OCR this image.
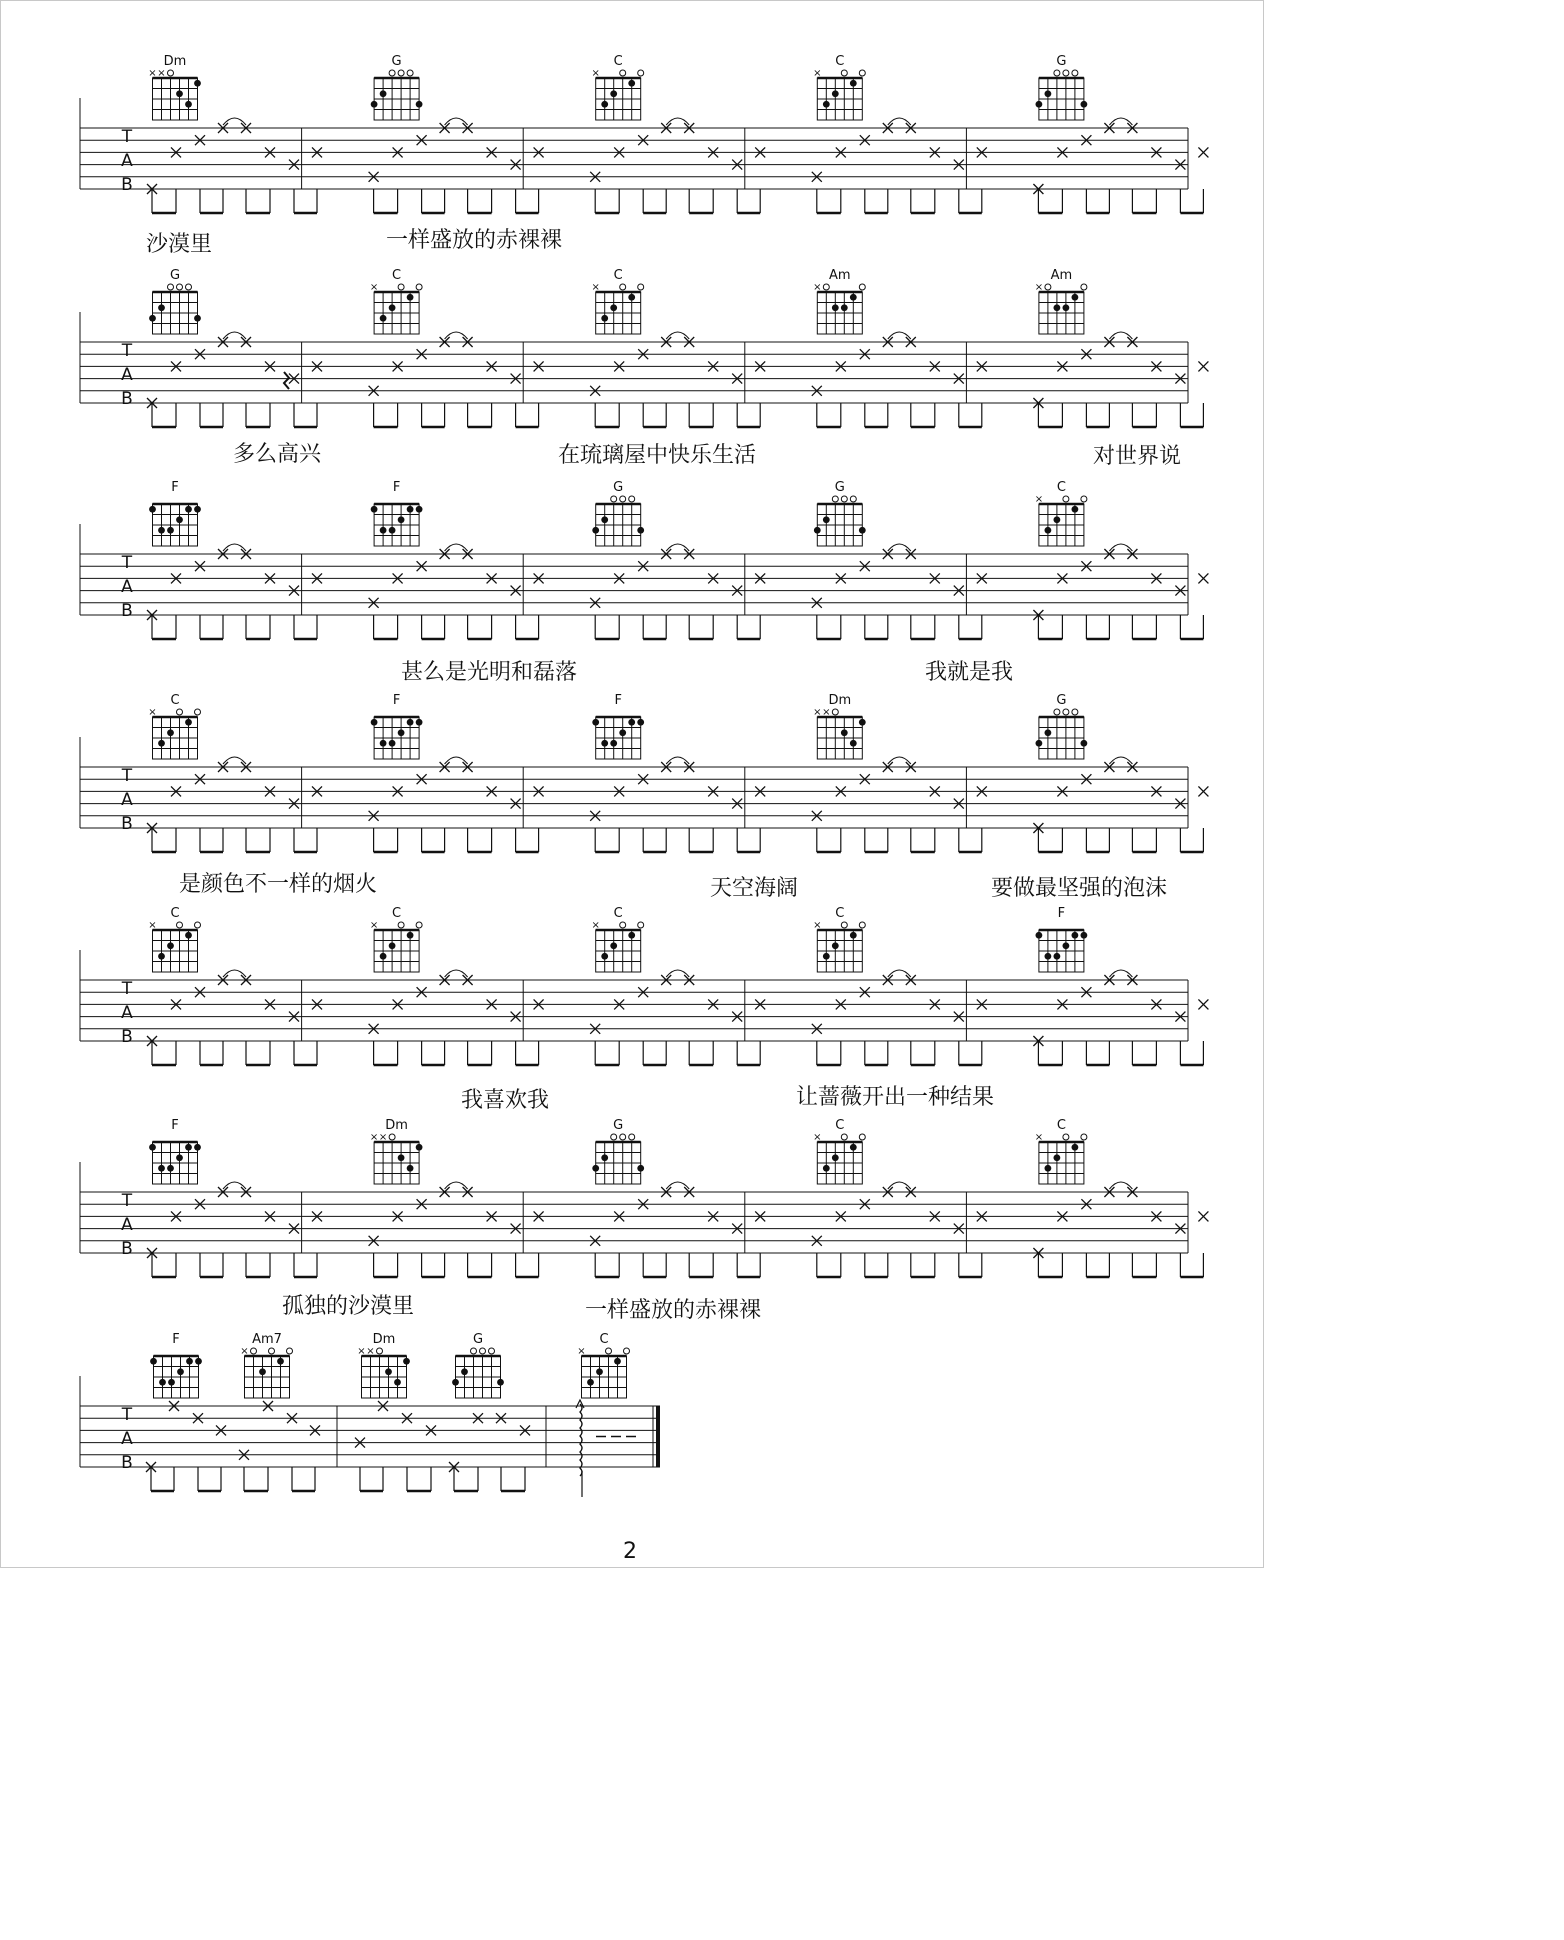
T
A
B
Dm
× ×
G	C
×
C
×
G
T
A
B
G	C
×
C
×
Am
×
Am
×
T
A
B
F	F	G	G	C
×
T
A
B
C
×
F	F	Dm
× ×
G
T
A
B
C
×
C
×
C
×
C
×
F
T
A
B
F	Dm
× ×
G	C
×
C
×
T
A
B
F	Am7
×
Dm
× ×
G	C
×
沙漠里	一样盛放的赤裸裸
多么高兴	在琉璃屋中快乐生活	对世界说
甚么是光明和磊落	我就是我
是颜色不一样的烟火	天空海阔	要做最坚强的泡沫
我喜欢我	让蔷薇开出一种结果
孤独的沙漠里	一样盛放的赤裸裸
2
